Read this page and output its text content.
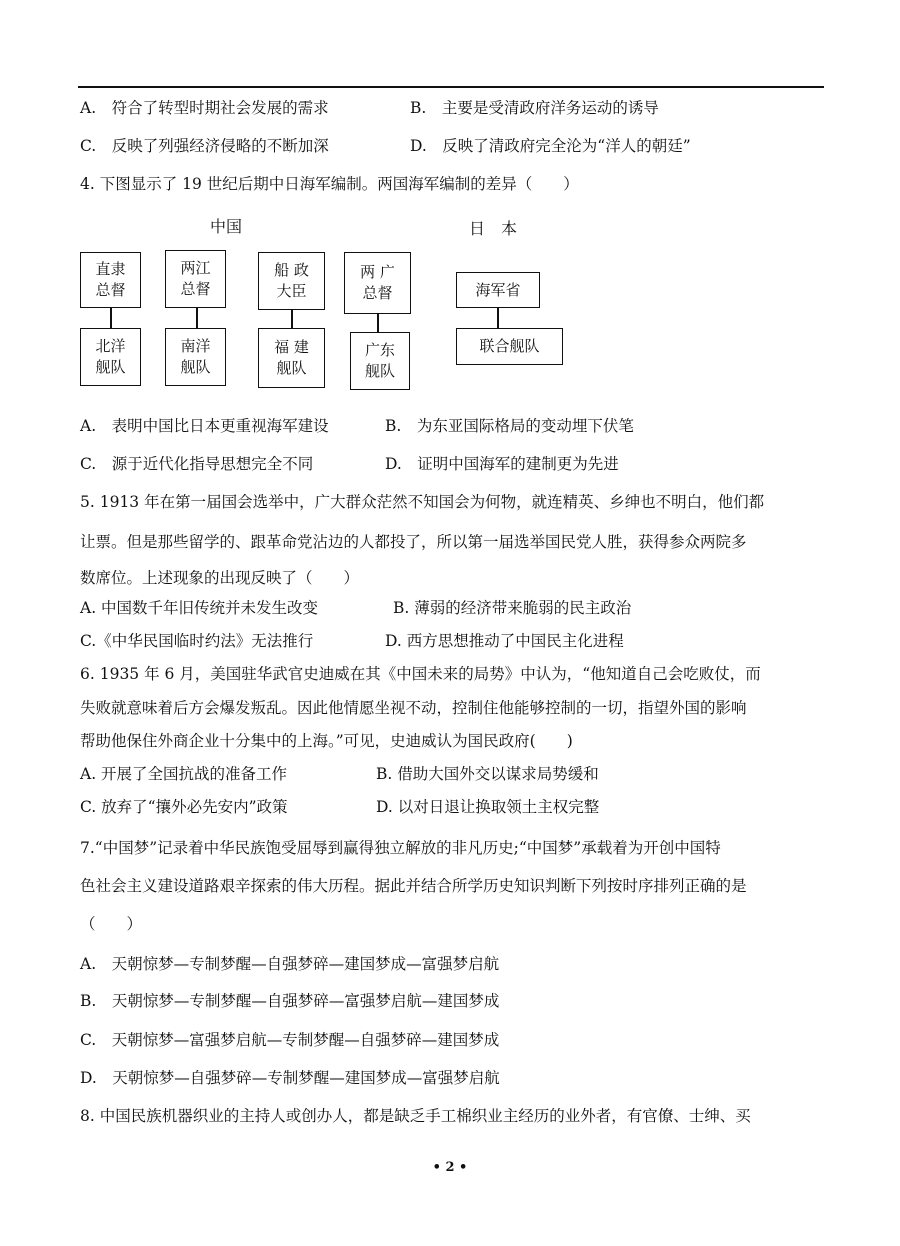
A.　符合了转型时期社会发展的需求	B.　主要是受清政府洋务运动的诱导
C.　反映了列强经济侵略的不断加深	D.　反映了清政府完全沦为“洋人的朝廷”
4. 下图显示了 19 世纪后期中日海军编制。两国海军编制的差异（　　）
中国	日　本
直隶
总督
两江
总督
船 政
大臣
两 广
总督
北洋
舰队
南洋
舰队
福 建
舰队
广东
舰队
海军省
联合舰队
A.　表明中国比日本更重视海军建设	B.　为东亚国际格局的变动埋下伏笔
C.　源于近代化指导思想完全不同	D.　证明中国海军的建制更为先进
5. 1913 年在第一届国会选举中，广大群众茫然不知国会为何物，就连精英、乡绅也不明白，他们都
让票。但是那些留学的、跟革命党沾边的人都投了，所以第一届选举国民党人胜，获得参众两院多
数席位。上述现象的出现反映了（　　）
A. 中国数千年旧传统并未发生改变	B. 薄弱的经济带来脆弱的民主政治
C.《中华民国临时约法》无法推行	D. 西方思想推动了中国民主化进程
6. 1935 年 6 月，美国驻华武官史迪威在其《中国未来的局势》中认为，“他知道自己会吃败仗，而
失败就意味着后方会爆发叛乱。因此他情愿坐视不动，控制住他能够控制的一切，指望外国的影响
帮助他保住外商企业十分集中的上海。”可见，史迪威认为国民政府(　　)
A. 开展了全国抗战的准备工作	B. 借助大国外交以谋求局势缓和
C. 放弃了“攘外必先安内”政策	D. 以对日退让换取领土主权完整
7.“中国梦”记录着中华民族饱受屈辱到赢得独立解放的非凡历史;“中国梦”承载着为开创中国特
色社会主义建设道路艰辛探索的伟大历程。据此并结合所学历史知识判断下列按时序排列正确的是
（　　）
A.　天朝惊梦—专制梦醒—自强梦碎—建国梦成—富强梦启航
B.　天朝惊梦—专制梦醒—自强梦碎—富强梦启航—建国梦成
C.　天朝惊梦—富强梦启航—专制梦醒—自强梦碎—建国梦成
D.　天朝惊梦—自强梦碎—专制梦醒—建国梦成—富强梦启航
8. 中国民族机器织业的主持人或创办人，都是缺乏手工棉织业主经历的业外者，有官僚、士绅、买
• 2 •
